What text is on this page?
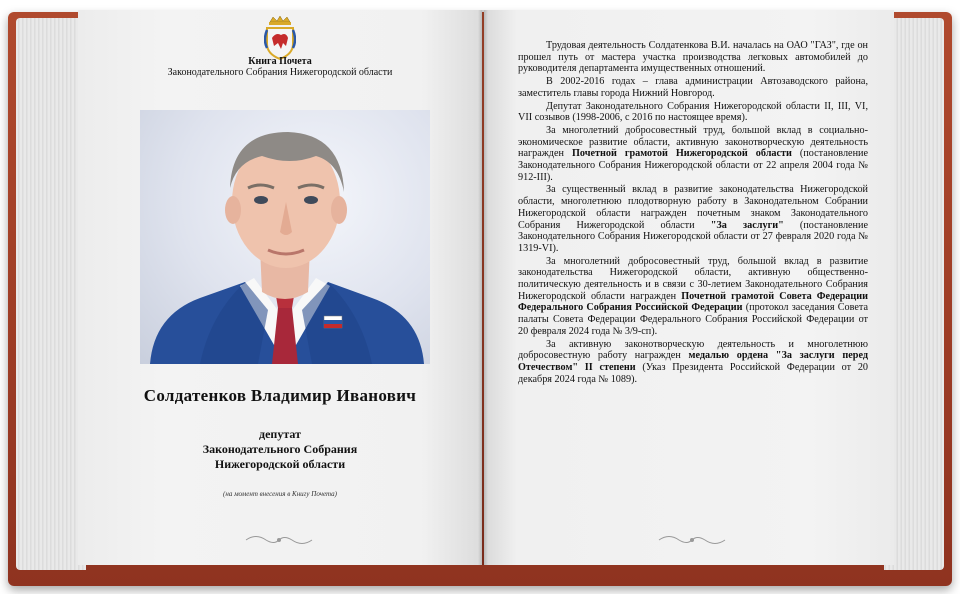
Книга Почета
Законодательного Собрания Нижегородской области
Солдатенков Владимир Иванович
депутат
Законодательного Собрания
Нижегородской области
(на момент внесения в Книгу Почета)

Трудовая деятельность Солдатенкова В.И. началась на ОАО "ГАЗ", где он прошел путь от мастера участка производства легковых автомобилей до руководителя департамента имущественных отношений.

В 2002-2016 годах – глава администрации Автозаводского района, заместитель главы города Нижний Новгород.

Депутат Законодательного Собрания Нижегородской области II, III, VI, VII созывов (1998-2006, с 2016 по настоящее время).

За многолетний добросовестный труд, большой вклад в социально-экономическое развитие области, активную законотворческую деятельность награжден Почетной грамотой Нижегородской области (постановление Законодательного Собрания Нижегородской области от 22 апреля 2004 года № 912-III).

За существенный вклад в развитие законодательства Нижегородской области, многолетнюю плодотворную работу в Законодательном Собрании Нижегородской области награжден почетным знаком Законодательного Собрания Нижегородской области "За заслуги" (постановление Законодательного Собрания Нижегородской области от 27 февраля 2020 года № 1319-VI).

За многолетний добросовестный труд, большой вклад в развитие законодательства Нижегородской области, активную общественно-политическую деятельность и в связи с 30-летием Законодательного Собрания Нижегородской области награжден Почетной грамотой Совета Федерации Федерального Собрания Российской Федерации (протокол заседания Совета палаты Совета Федерации Федерального Собрания Российской Федерации от 20 февраля 2024 года № 3/9-сп).

За активную законотворческую деятельность и многолетнюю добросовестную работу награжден медалью ордена "За заслуги перед Отечеством" II степени (Указ Президента Российской Федерации от 20 декабря 2024 года № 1089).
